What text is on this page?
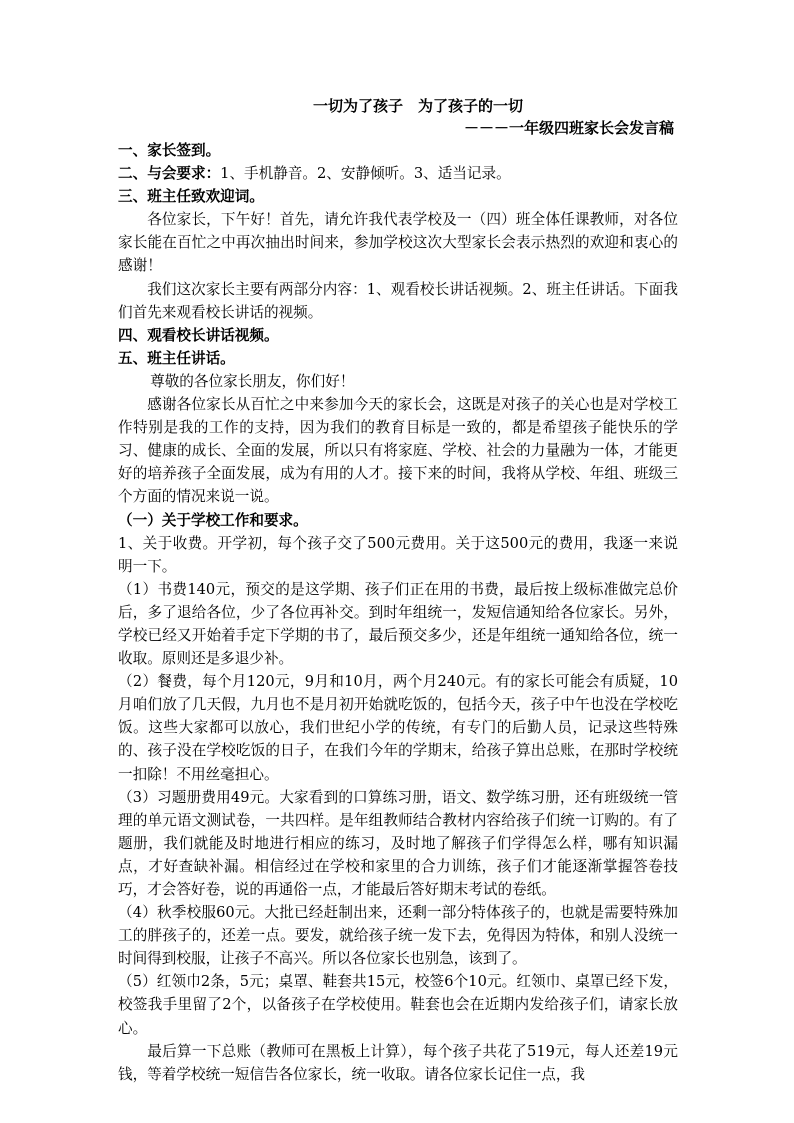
一切为了孩子　为了孩子的一切
－－－一年级四班家长会发言稿
一、家长签到。
二、与会要求：1、手机静音。2、安静倾听。3、适当记录。
三、班主任致欢迎词。

各位家长，下午好！首先，请允许我代表学校及一（四）班全体任课教师，对各位家长能在百忙之中再次抽出时间来，参加学校这次大型家长会表示热烈的欢迎和衷心的感谢！

我们这次家长主要有两部分内容：1、观看校长讲话视频。2、班主任讲话。下面我们首先来观看校长讲话的视频。

四、观看校长讲话视频。
五、班主任讲话。

尊敬的各位家长朋友，你们好！

感谢各位家长从百忙之中来参加今天的家长会，这既是对孩子的关心也是对学校工作特别是我的工作的支持，因为我们的教育目标是一致的，都是希望孩子能快乐的学习、健康的成长、全面的发展，所以只有将家庭、学校、社会的力量融为一体，才能更好的培养孩子全面发展，成为有用的人才。接下来的时间，我将从学校、年组、班级三个方面的情况来说一说。

（一）关于学校工作和要求。

1、关于收费。开学初，每个孩子交了500元费用。关于这500元的费用，我逐一来说明一下。

（1）书费140元，预交的是这学期、孩子们正在用的书费，最后按上级标准做完总价后，多了退给各位，少了各位再补交。到时年组统一，发短信通知给各位家长。另外，学校已经又开始着手定下学期的书了，最后预交多少，还是年组统一通知给各位，统一收取。原则还是多退少补。

（2）餐费，每个月120元，9月和10月，两个月240元。有的家长可能会有质疑，10月咱们放了几天假，九月也不是月初开始就吃饭的，包括今天，孩子中午也没在学校吃饭。这些大家都可以放心，我们世纪小学的传统，有专门的后勤人员，记录这些特殊的、孩子没在学校吃饭的日子，在我们今年的学期末，给孩子算出总账，在那时学校统一扣除！不用丝毫担心。

（3）习题册费用49元。大家看到的口算练习册，语文、数学练习册，还有班级统一管理的单元语文测试卷，一共四样。是年组教师结合教材内容给孩子们统一订购的。有了题册，我们就能及时地进行相应的练习，及时地了解孩子们学得怎么样，哪有知识漏点，才好查缺补漏。相信经过在学校和家里的合力训练，孩子们才能逐渐掌握答卷技巧，才会答好卷，说的再通俗一点，才能最后答好期末考试的卷纸。

（4）秋季校服60元。大批已经赶制出来，还剩一部分特体孩子的，也就是需要特殊加工的胖孩子的，还差一点。要发，就给孩子统一发下去，免得因为特体，和别人没统一时间得到校服，让孩子不高兴。所以各位家长也别急，该到了。

（5）红领巾2条，5元；桌罩、鞋套共15元，校签6个10元。红领巾、桌罩已经下发，校签我手里留了2个，以备孩子在学校使用。鞋套也会在近期内发给孩子们，请家长放心。

最后算一下总账（教师可在黑板上计算），每个孩子共花了519元，每人还差19元钱，等着学校统一短信告各位家长，统一收取。请各位家长记住一点，我
